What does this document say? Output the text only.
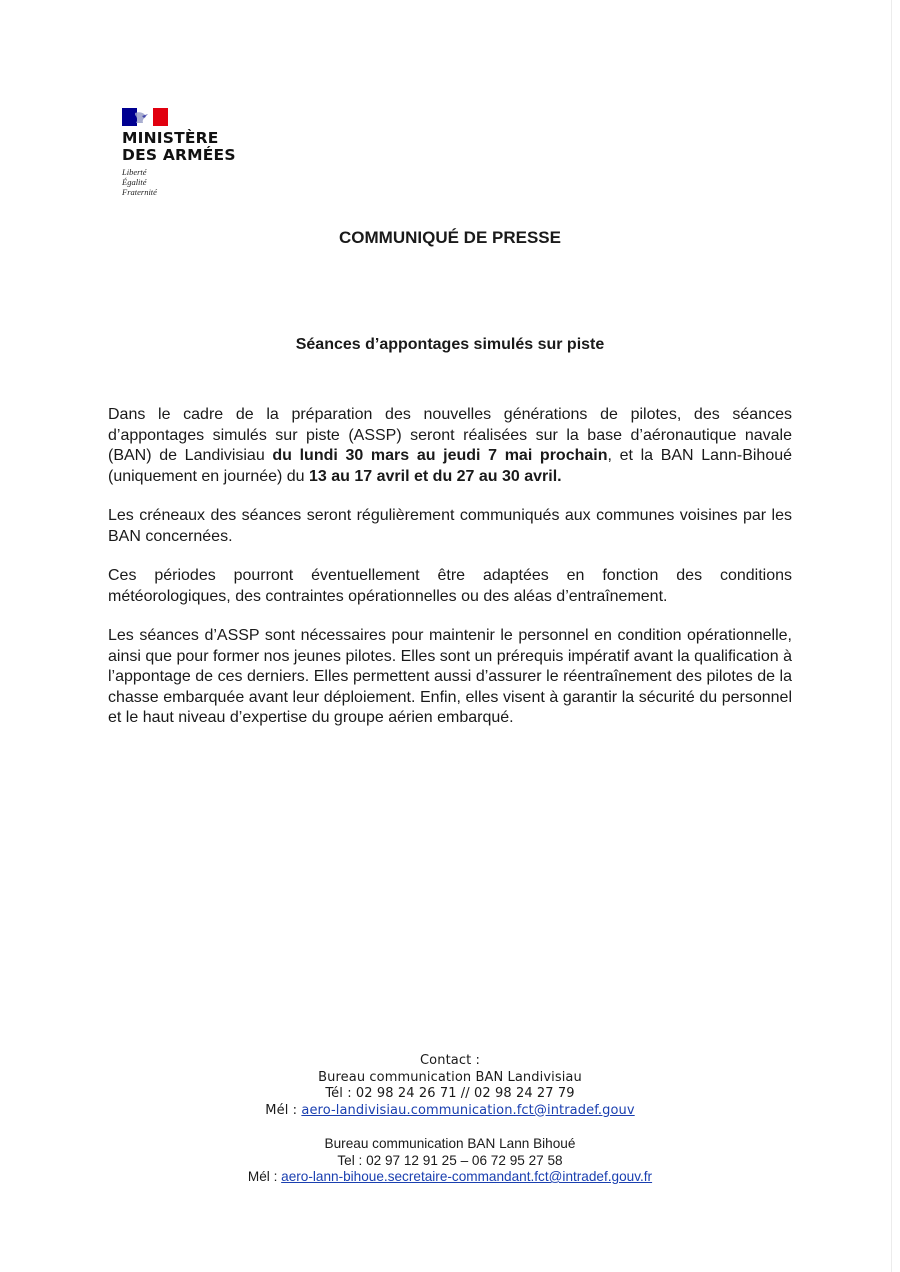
MINISTÈRE
DES ARMÉES
Liberté
Égalité
Fraternité
COMMUNIQUÉ DE PRESSE
Séances d’appontages simulés sur piste

Dans le cadre de la préparation des nouvelles générations de pilotes, des séances d’appontages simulés sur piste (ASSP) seront réalisées sur la base d’aéronautique navale (BAN) de Landivisiau du lundi 30 mars au jeudi 7 mai prochain, et la BAN Lann-Bihoué (uniquement en journée) du 13 au 17 avril et du 27 au 30 avril.

Les créneaux des séances seront régulièrement communiqués aux communes voisines par les BAN concernées.

Ces périodes pourront éventuellement être adaptées en fonction des conditions météorologiques, des contraintes opérationnelles ou des aléas d’entraînement.

Les séances d’ASSP sont nécessaires pour maintenir le personnel en condition opérationnelle, ainsi que pour former nos jeunes pilotes. Elles sont un prérequis impératif avant la qualification à l’appontage de ces derniers. Elles permettent aussi d’assurer le réentraînement des pilotes de la chasse embarquée avant leur déploiement. Enfin, elles visent à garantir la sécurité du personnel et le haut niveau d’expertise du groupe aérien embarqué.

Contact :
Bureau communication BAN Landivisiau
Tél : 02 98 24 26 71 // 02 98 24 27 79
Mél : aero-landivisiau.communication.fct@intradef.gouv
Bureau communication BAN Lann Bihoué
Tel : 02 97 12 91 25 – 06 72 95 27 58
Mél : aero-lann-bihoue.secretaire-commandant.fct@intradef.gouv.fr
